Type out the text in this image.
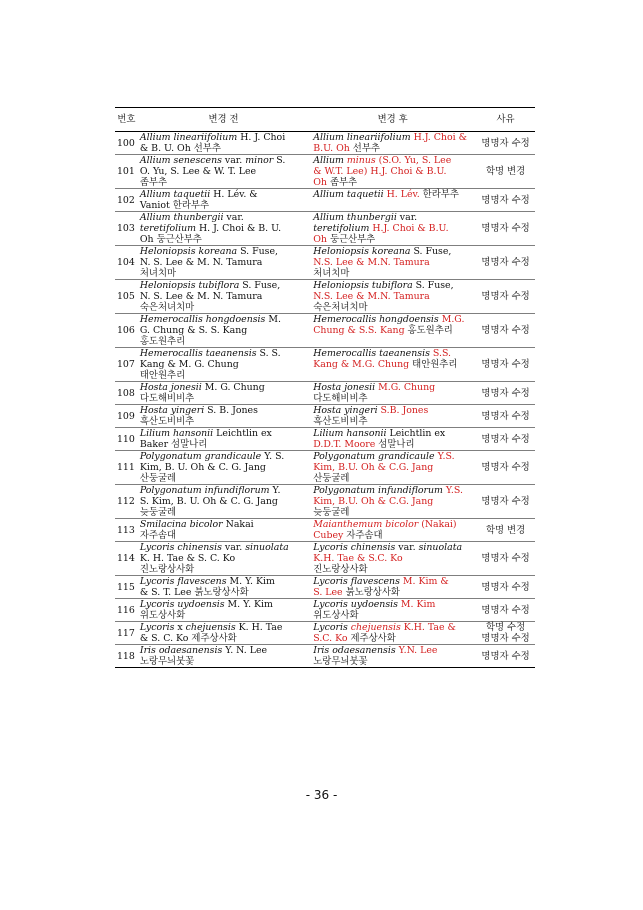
번호	변경 전	변경 후	사유
100	Allium lineariifolium H. J. Choi
& B. U. Oh 선부추	Allium lineariifolium H.J. Choi &
B.U. Oh 선부추	명명자 수정

101	Allium senescens var. minor S.
O. Yu, S. Lee & W. T. Lee
좀부추	Allium minus (S.O. Yu, S. Lee
& W.T. Lee) H.J. Choi & B.U.
Oh 좀부추	학명 변경

102	Allium taquetii H. Lév. &
Vaniot 한라부추	Allium taquetii H. Lév. 한라부추	명명자 수정

103	Allium thunbergii var.
teretifolium H. J. Choi & B. U.
Oh 둥근산부추	Allium thunbergii var.
teretifolium H.J. Choi & B.U.
Oh 둥근산부추	명명자 수정

104	Heloniopsis koreana S. Fuse,
N. S. Lee & M. N. Tamura
처녀치마	Heloniopsis koreana S. Fuse,
N.S. Lee & M.N. Tamura
처녀치마	명명자 수정

105	Heloniopsis tubiflora S. Fuse,
N. S. Lee & M. N. Tamura
숙은처녀치마	Heloniopsis tubiflora S. Fuse,
N.S. Lee & M.N. Tamura
숙은처녀치마	명명자 수정

106	Hemerocallis hongdoensis M.
G. Chung & S. S. Kang
홍도원추리	Hemerocallis hongdoensis M.G.
Chung & S.S. Kang 홍도원추리	명명자 수정

107	Hemerocallis taeanensis S. S.
Kang & M. G. Chung
태안원추리	Hemerocallis taeanensis S.S.
Kang & M.G. Chung 태안원추리	명명자 수정

108	Hosta jonesii M. G. Chung
다도해비비추	Hosta jonesii M.G. Chung
다도해비비추	명명자 수정

109	Hosta yingeri S. B. Jones
흑산도비비추	Hosta yingeri S.B. Jones
흑산도비비추	명명자 수정

110	Lilium hansonii Leichtlin ex
Baker 섬말나리	Lilium hansonii Leichtlin ex
D.D.T. Moore 섬말나리	명명자 수정

111	Polygonatum grandicaule Y. S.
Kim, B. U. Oh & C. G. Jang
산둥굴레	Polygonatum grandicaule Y.S.
Kim, B.U. Oh & C.G. Jang
산둥굴레	명명자 수정

112	Polygonatum infundiflorum Y.
S. Kim, B. U. Oh & C. G. Jang
늦둥굴레	Polygonatum infundiflorum Y.S.
Kim, B.U. Oh & C.G. Jang
늦둥굴레	명명자 수정

113	Smilacina bicolor Nakai
자주솜대	Maianthemum bicolor (Nakai)
Cubey 자주솜대	학명 변경

114	Lycoris chinensis var. sinuolata
K. H. Tae & S. C. Ko
진노랑상사화	Lycoris chinensis var. sinuolata
K.H. Tae & S.C. Ko
진노랑상사화	명명자 수정

115	Lycoris flavescens M. Y. Kim
& S. T. Lee 붉노랑상사화	Lycoris flavescens M. Kim &
S. Lee 붉노랑상사화	명명자 수정

116	Lycoris uydoensis M. Y. Kim
위도상사화	Lycoris uydoensis M. Kim
위도상사화	명명자 수정

117	Lycoris x chejuensis K. H. Tae
& S. C. Ko 제주상사화	Lycoris chejuensis K.H. Tae &
S.C. Ko 제주상사화	학명 수정
명명자 수정

118	Iris odaesanensis Y. N. Lee
노랑무늬붓꽃	Iris odaesanensis Y.N. Lee
노랑무늬붓꽃	명명자 수정
- 36 -
